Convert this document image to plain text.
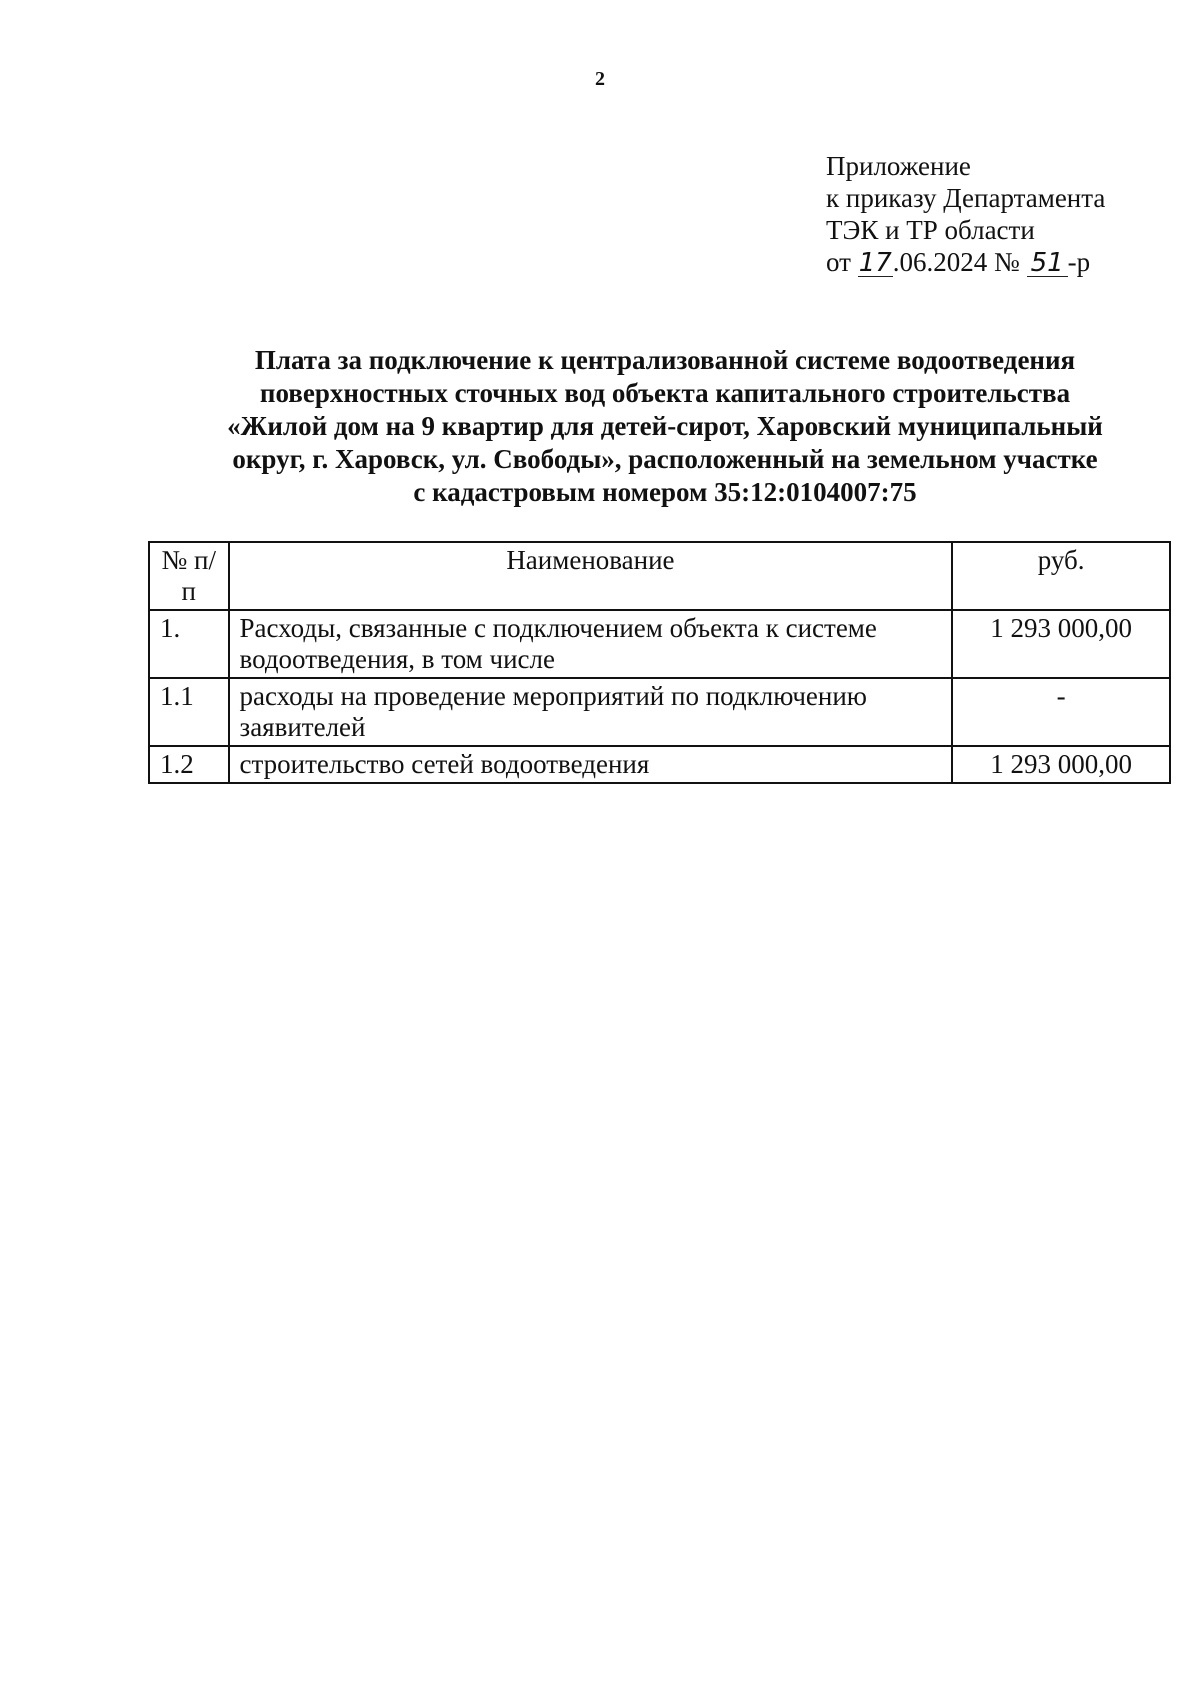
2
Приложение
к приказу Департамента
ТЭК и ТР области
от 17.06.2024 № 51 -р
Плата за подключение к централизованной системе водоотведения
поверхностных сточных вод объекта капитального строительства
«Жилой дом на 9 квартир для детей-сирот, Харовский муниципальный
округ, г. Харовск, ул. Свободы», расположенный на земельном участке
с кадастровым номером 35:12:0104007:75
№ п/п	Наименование	руб.
1.	Расходы, связанные с подключением объекта к системе водоотведения, в том числе	1 293 000,00
1.1	расходы на проведение мероприятий по подключению заявителей	-
1.2	строительство сетей водоотведения	1 293 000,00
